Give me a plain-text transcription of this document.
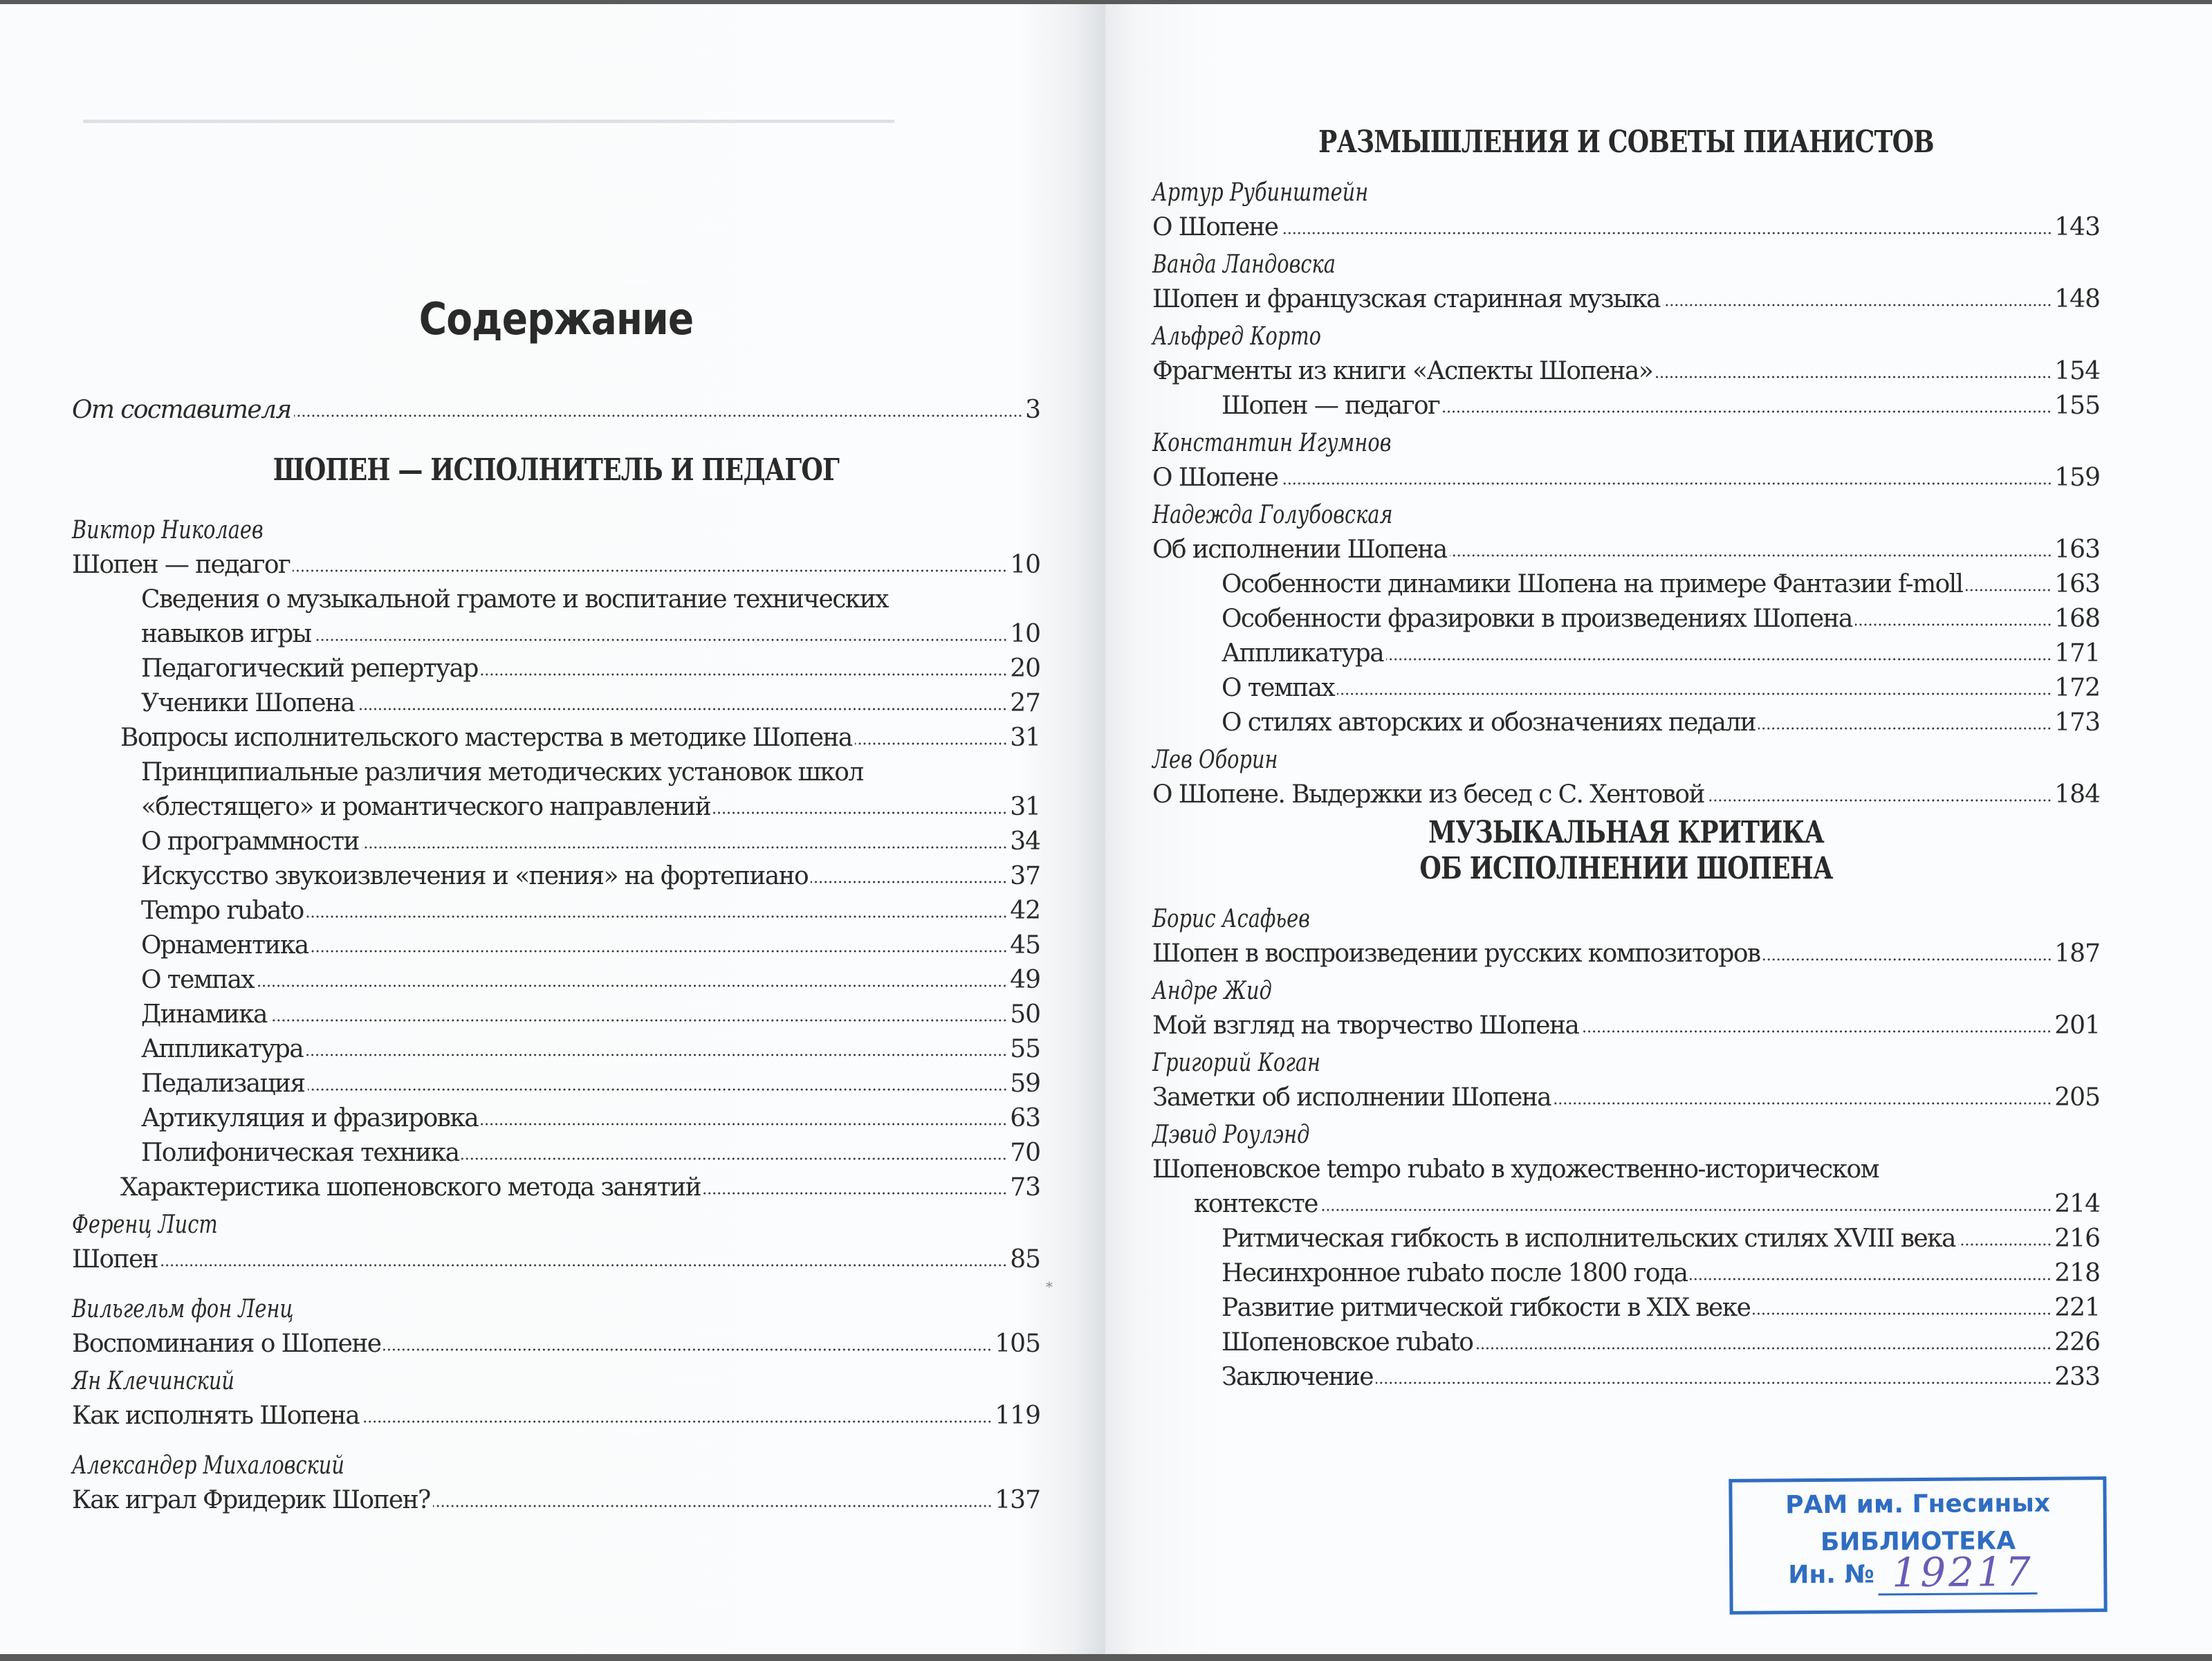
━━━━━━━━━━━━━━━━━━━━━━━━━━━━━━━━━━━━━━━━━━━━━━━━━━━━━━━━━━━━━━━━━━━━━━━━━━
*
Содержание
От составителя	3
ШОПЕН — ИСПОЛНИТЕЛЬ И ПЕДАГОГ
Виктор Николаев
Шопен — педагог	10
Сведения о музыкальной грамоте и воспитание технических
навыков игры	10
Педагогический репертуар	20
Ученики Шопена	27
Вопросы исполнительского мастерства в методике Шопена	31
Принципиальные различия методических установок школ
«блестящего» и романтического направлений	31
О программности	34
Искусство звукоизвлечения и «пения» на фортепиано	37
Tempo rubato	42
Орнаментика	45
О темпах	49
Динамика	50
Аппликатура	55
Педализация	59
Артикуляция и фразировка	63
Полифоническая техника	70
Характеристика шопеновского метода занятий	73
Ференц Лист
Шопен	85
Вильгельм фон Ленц
Воспоминания о Шопене	105
Ян Клечинский
Как исполнять Шопена	119
Александер Михаловский
Как играл Фридерик Шопен?	137
РАЗМЫШЛЕНИЯ И СОВЕТЫ ПИАНИСТОВ
Артур Рубинштейн
О Шопене	143
Ванда Ландовска
Шопен и французская старинная музыка	148
Альфред Корто
Фрагменты из книги «Аспекты Шопена»	154
Шопен — педагог	155
Константин Игумнов
О Шопене	159
Надежда Голубовская
Об исполнении Шопена	163
Особенности динамики Шопена на примере Фантазии f-moll	163
Особенности фразировки в произведениях Шопена	168
Аппликатура	171
О темпах	172
О стилях авторских и обозначениях педали	173
Лев Оборин
О Шопене. Выдержки из бесед с С. Хентовой	184
МУЗЫКАЛЬНАЯ КРИТИКА
ОБ ИСПОЛНЕНИИ ШОПЕНА
Борис Асафьев
Шопен в воспроизведении русских композиторов	187
Андре Жид
Мой взгляд на творчество Шопена	201
Григорий Коган
Заметки об исполнении Шопена	205
Дэвид Роулэнд
Шопеновское tempo rubato в художественно-историческом
контексте	214
Ритмическая гибкость в исполнительских стилях XVIII века	216
Несинхронное rubato после 1800 года	218
Развитие ритмической гибкости в XIX веке	221
Шопеновское rubato	226
Заключение	233
РАМ им. Гнесиных
БИБЛИОТЕКА
Ин. № 19217
